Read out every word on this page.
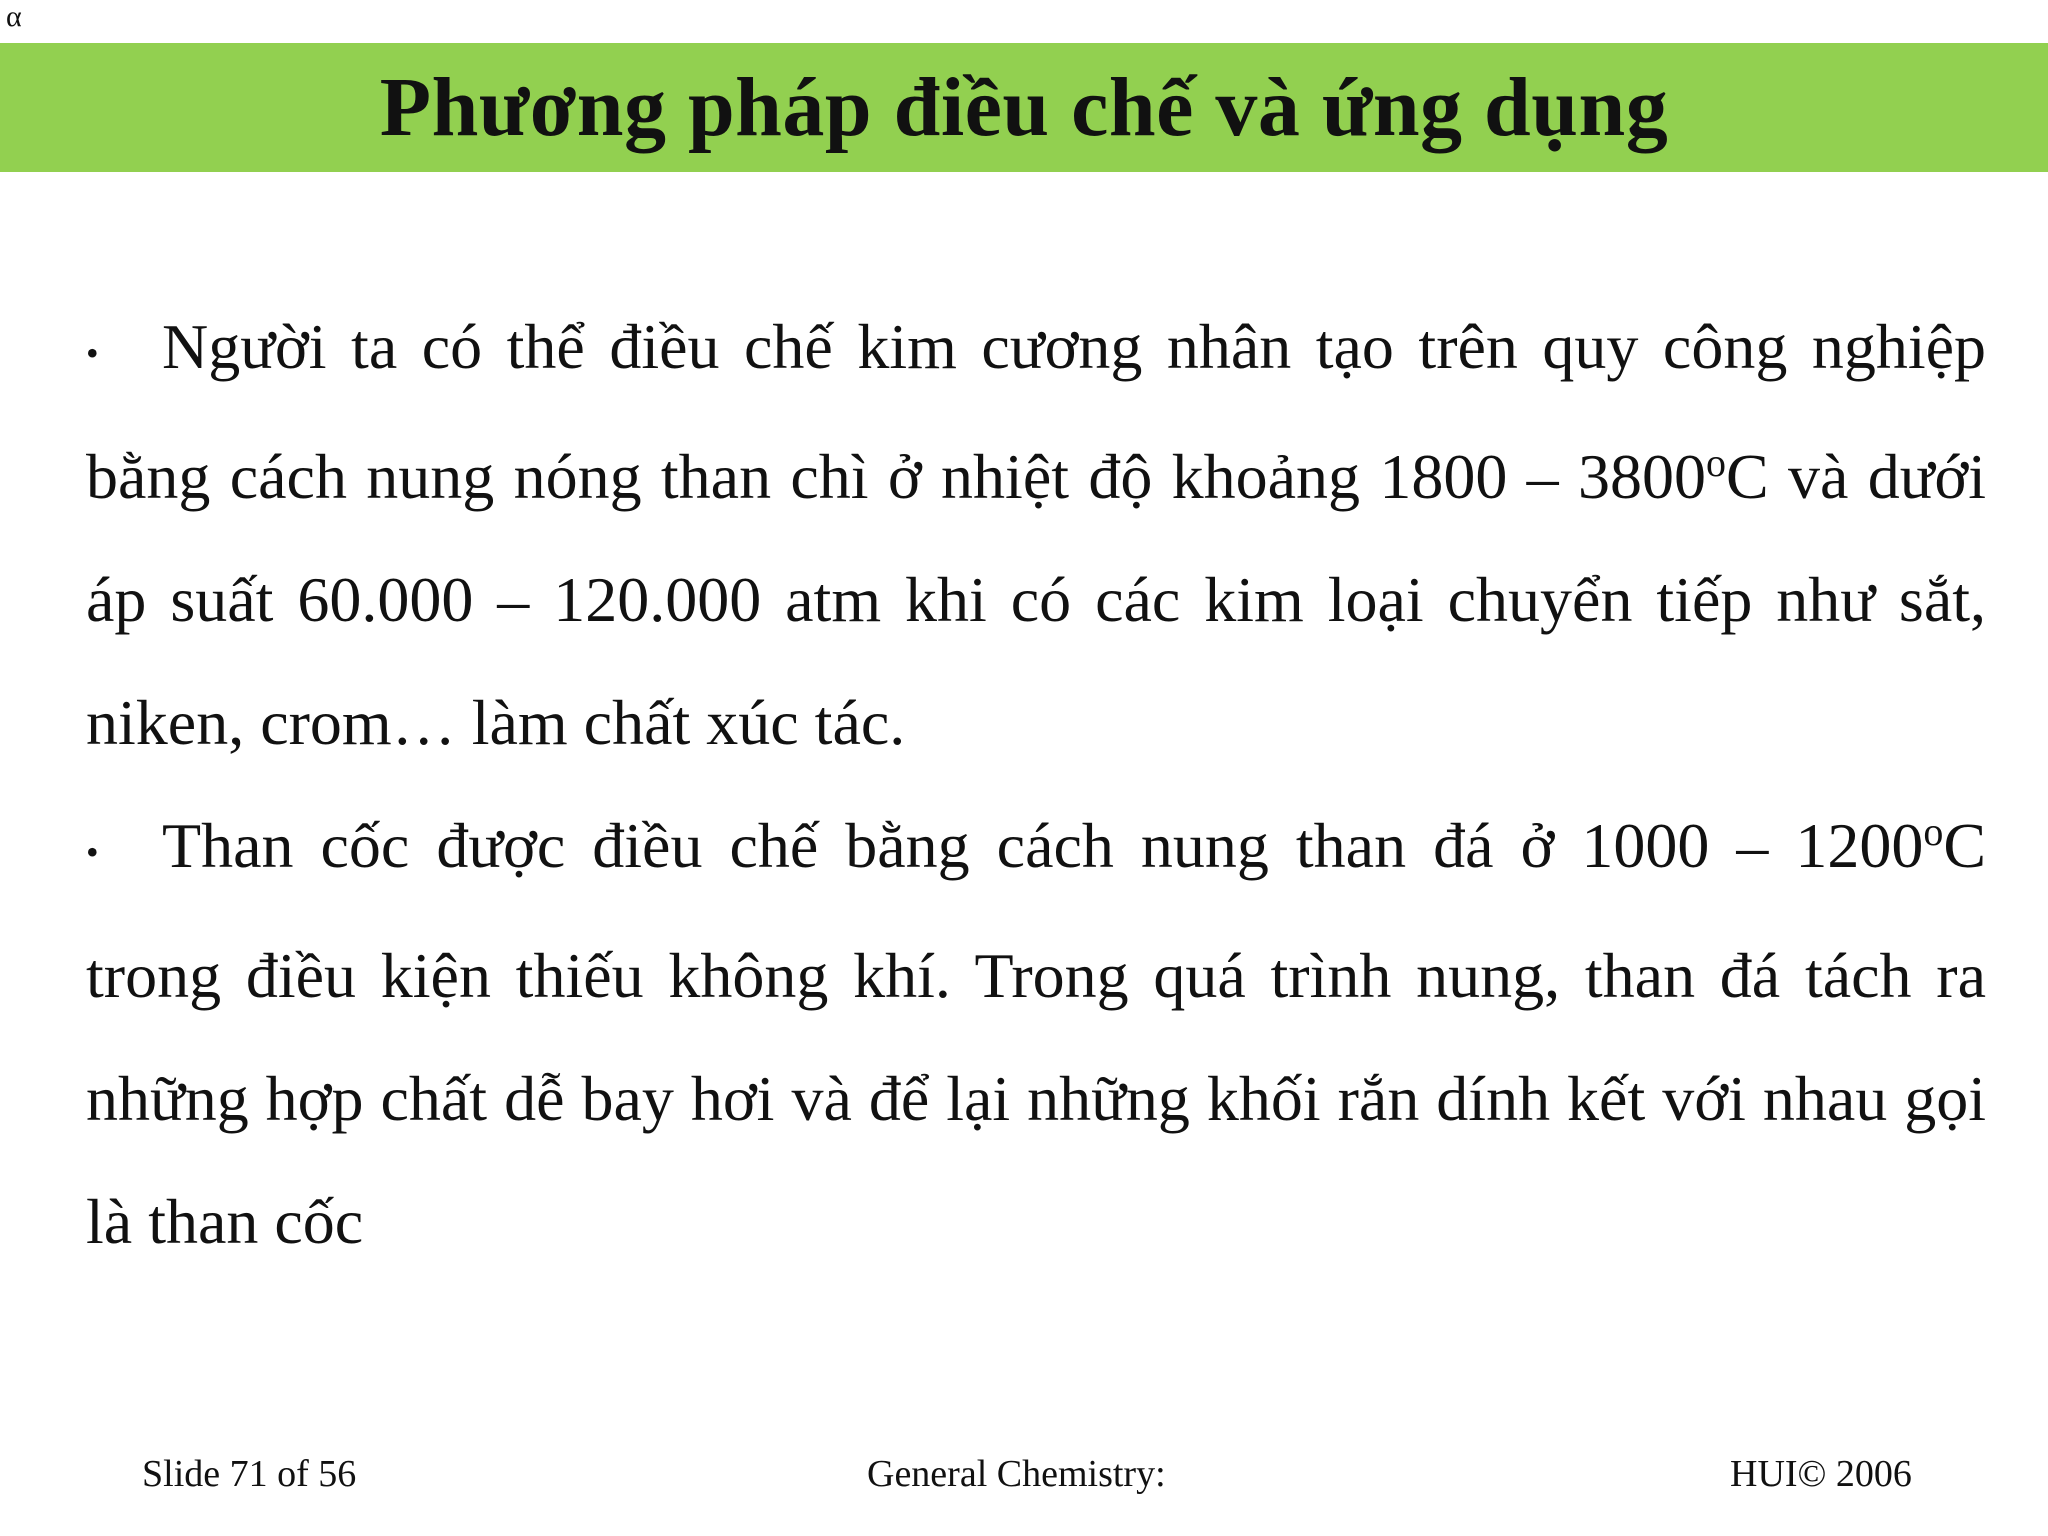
α
Phương pháp điều chế và ứng dụng

• Người ta có thể điều chế kim cương nhân tạo trên quy công nghiệp bằng cách nung nóng than chì ở nhiệt độ khoảng 1800 – 3800$^o$C và dưới áp suất 60.000 – 120.000 atm khi có các kim loại chuyển tiếp như sắt, niken, crom… làm chất xúc tác.

• Than cốc được điều chế bằng cách nung than đá ở 1000 – 1200$^o$C trong điều kiện thiếu không khí. Trong quá trình nung, than đá tách ra những hợp chất dễ bay hơi và để lại những khối rắn dính kết với nhau gọi là than cốc

Slide 71 of 56	General Chemistry:	HUI© 2006
